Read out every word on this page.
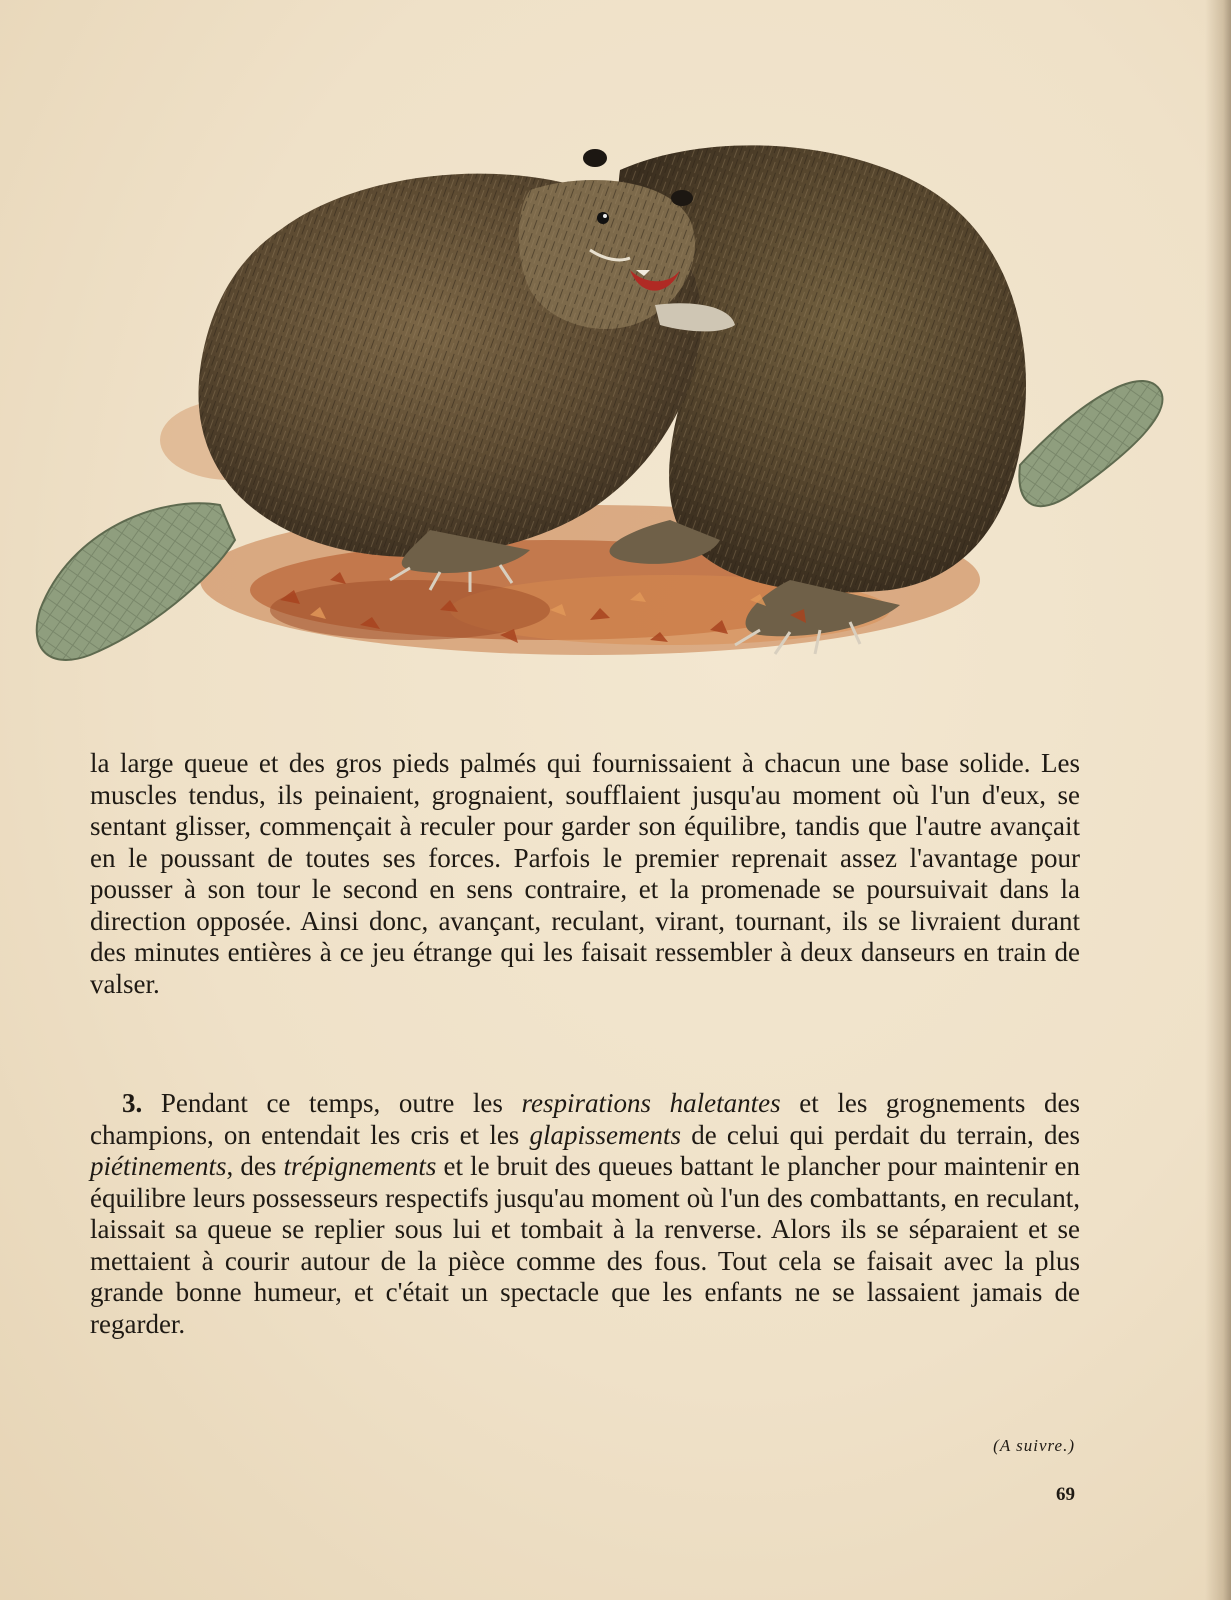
la large queue et des gros pieds palmés qui fournissaient à chacun une base solide. Les muscles tendus, ils peinaient, grognaient, soufflaient jusqu'au moment où l'un d'eux, se sentant glisser, commençait à reculer pour garder son équilibre, tandis que l'autre avançait en le poussant de toutes ses forces. Parfois le premier reprenait assez l'avantage pour pousser à son tour le second en sens contraire, et la promenade se poursuivait dans la direction opposée. Ainsi donc, avançant, reculant, virant, tournant, ils se livraient durant des minutes entières à ce jeu étrange qui les faisait ressembler à deux danseurs en train de valser.

3. Pendant ce temps, outre les respirations haletantes et les grognements des champions, on entendait les cris et les glapissements de celui qui perdait du terrain, des piétinements, des trépignements et le bruit des queues battant le plancher pour maintenir en équilibre leurs possesseurs respectifs jusqu'au moment où l'un des combattants, en reculant, laissait sa queue se replier sous lui et tombait à la renverse. Alors ils se séparaient et se mettaient à courir autour de la pièce comme des fous. Tout cela se faisait avec la plus grande bonne humeur, et c'était un spectacle que les enfants ne se lassaient jamais de regarder.
(A suivre.)
69
